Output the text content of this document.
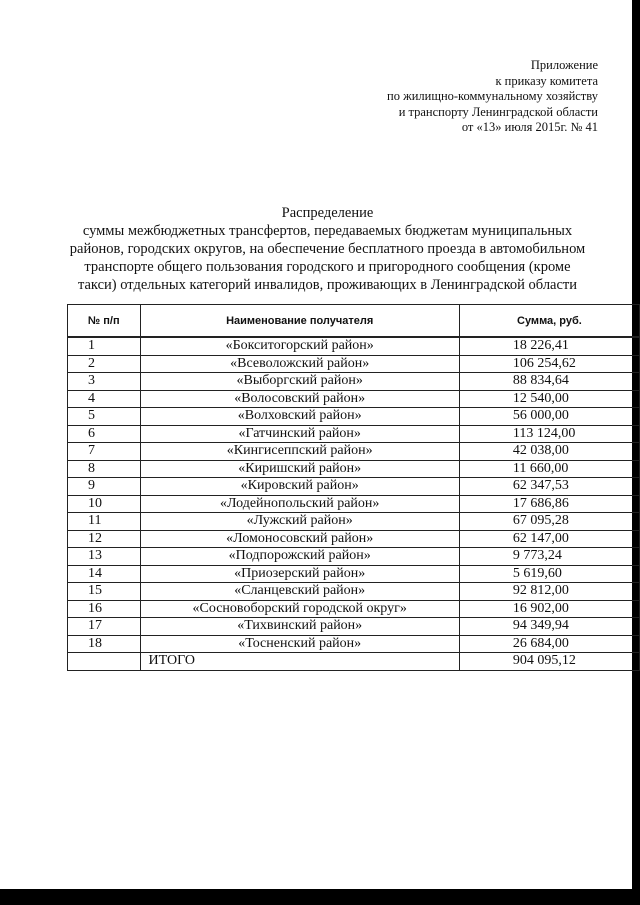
Приложение
к приказу комитета
по жилищно-коммунальному хозяйству
и транспорту Ленинградской области
от «13» июля 2015г. № 41
Распределение
суммы межбюджетных трансфертов, передаваемых бюджетам муниципальных
районов, городских округов, на обеспечение бесплатного проезда в автомобильном
транспорте общего пользования городского и пригородного сообщения (кроме
такси) отдельных категорий инвалидов, проживающих в Ленинградской области
№ п/п	Наименование получателя	Сумма, руб.
1	«Бокситогорский район»	18 226,41
2	«Всеволожский район»	106 254,62
3	«Выборгский район»	88 834,64
4	«Волосовский район»	12 540,00
5	«Волховский район»	56 000,00
6	«Гатчинский район»	113 124,00
7	«Кингисеппский район»	42 038,00
8	«Киришский район»	11 660,00
9	«Кировский район»	62 347,53
10	«Лодейнопольский район»	17 686,86
11	«Лужский район»	67 095,28
12	«Ломоносовский район»	62 147,00
13	«Подпорожский район»	9 773,24
14	«Приозерский район»	5 619,60
15	«Сланцевский район»	92 812,00
16	«Сосновоборский городской округ»	16 902,00
17	«Тихвинский район»	94 349,94
18	«Тосненский район»	26 684,00
	ИТОГО	904 095,12
